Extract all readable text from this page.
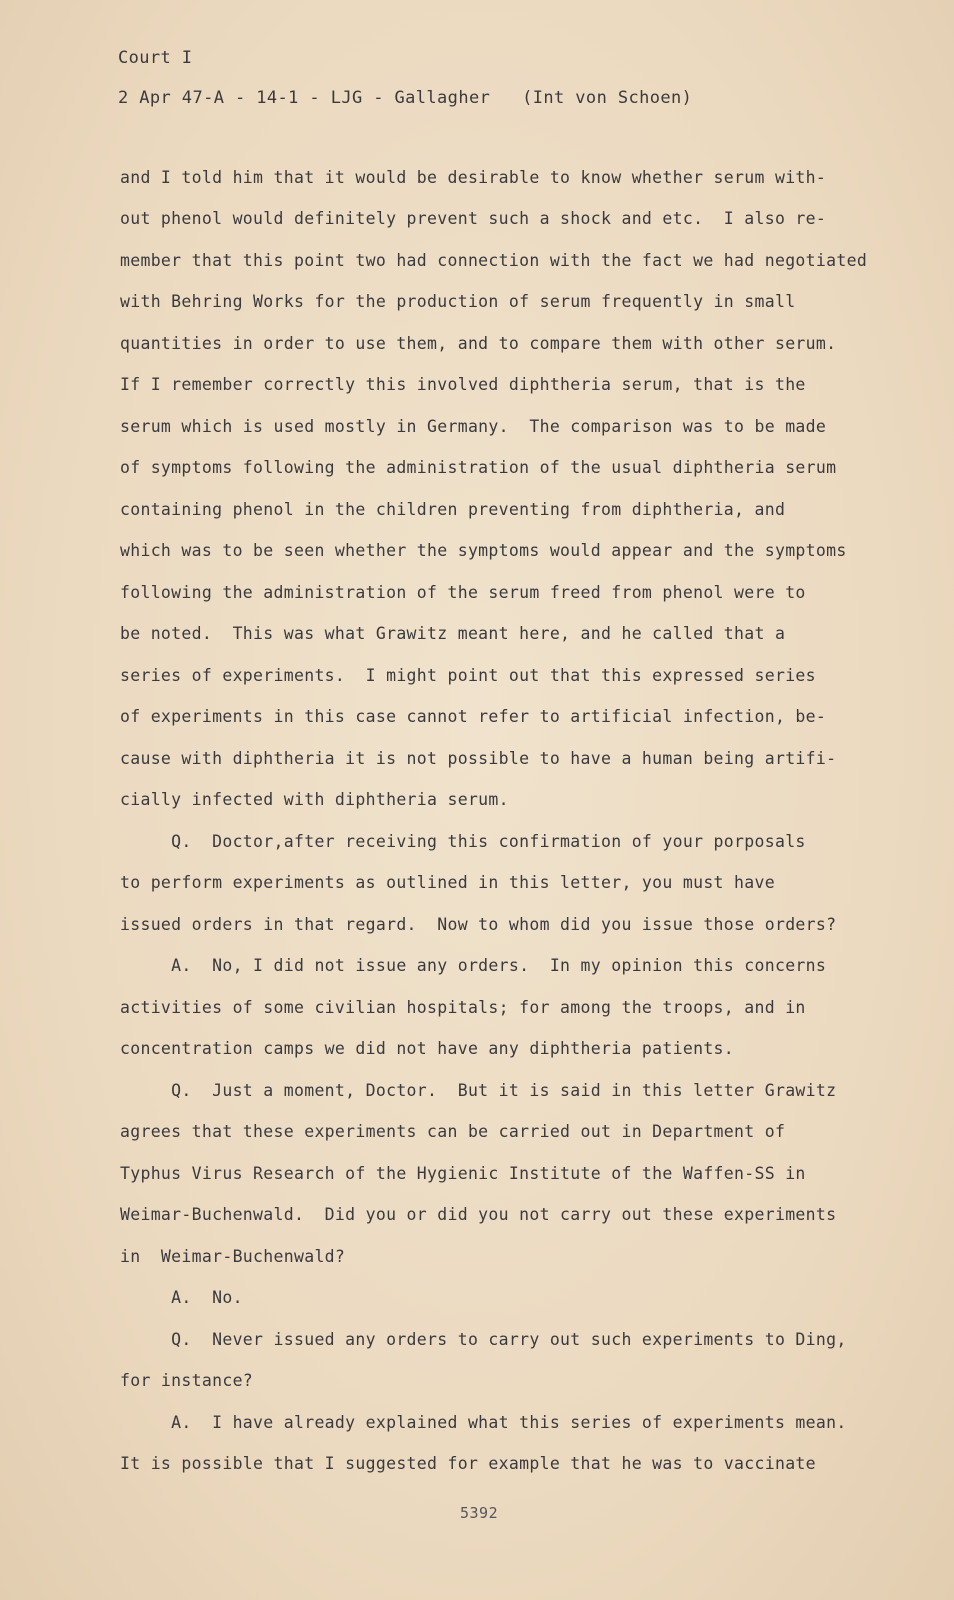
Court I
2 Apr 47-A - 14-1 - LJG - Gallagher   (Int von Schoen)
and I told him that it would be desirable to know whether serum with-
out phenol would definitely prevent such a shock and etc.  I also re-
member that this point two had connection with the fact we had negotiated
with Behring Works for the production of serum frequently in small
quantities in order to use them, and to compare them with other serum.
If I remember correctly this involved diphtheria serum, that is the
serum which is used mostly in Germany.  The comparison was to be made
of symptoms following the administration of the usual diphtheria serum
containing phenol in the children preventing from diphtheria, and
which was to be seen whether the symptoms would appear and the symptoms
following the administration of the serum freed from phenol were to
be noted.  This was what Grawitz meant here, and he called that a
series of experiments.  I might point out that this expressed series
of experiments in this case cannot refer to artificial infection, be-
cause with diphtheria it is not possible to have a human being artifi-
cially infected with diphtheria serum.
Q.  Doctor,after receiving this confirmation of your porposals
to perform experiments as outlined in this letter, you must have
issued orders in that regard.  Now to whom did you issue those orders?
A.  No, I did not issue any orders.  In my opinion this concerns
activities of some civilian hospitals; for among the troops, and in
concentration camps we did not have any diphtheria patients.
Q.  Just a moment, Doctor.  But it is said in this letter Grawitz
agrees that these experiments can be carried out in Department of
Typhus Virus Research of the Hygienic Institute of the Waffen-SS in
Weimar-Buchenwald.  Did you or did you not carry out these experiments
in  Weimar-Buchenwald?
A.  No.
Q.  Never issued any orders to carry out such experiments to Ding,
for instance?
A.  I have already explained what this series of experiments mean.
It is possible that I suggested for example that he was to vaccinate
5392
